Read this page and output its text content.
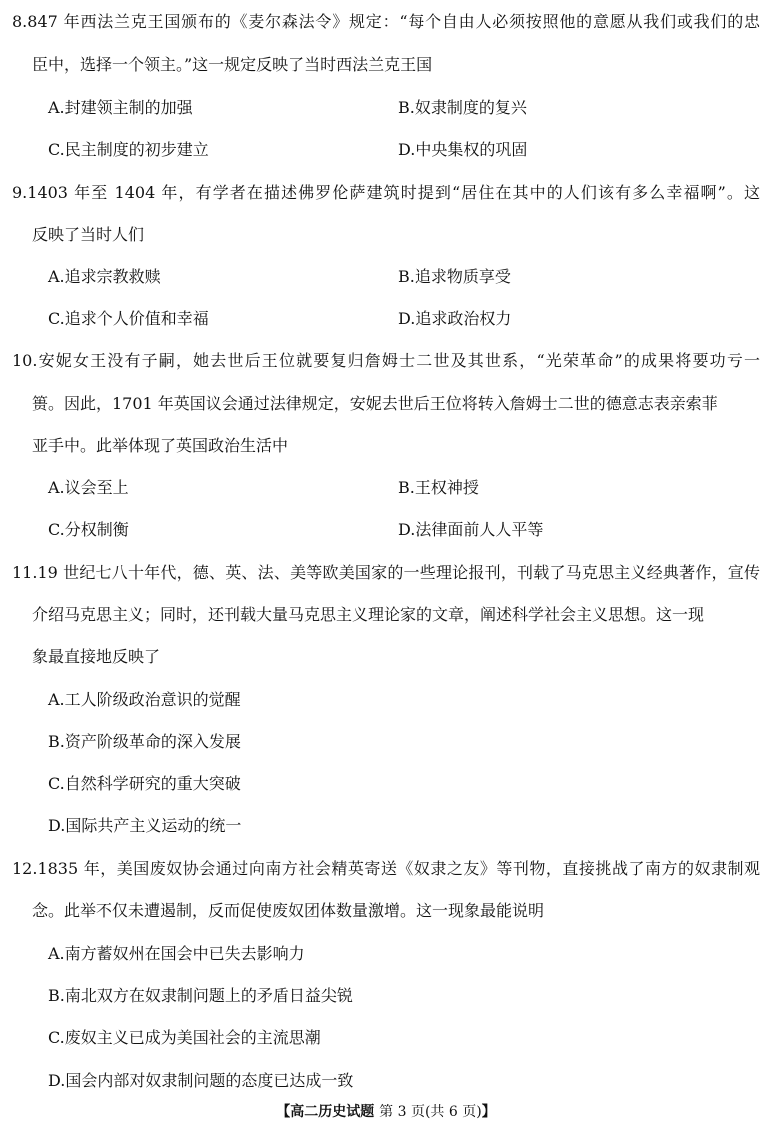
8.847 年西法兰克王国颁布的《麦尔森法令》规定：“每个自由人必须按照他的意愿从我们或我们的忠
臣中，选择一个领主。”这一规定反映了当时西法兰克王国
A.封建领主制的加强	B.奴隶制度的复兴
C.民主制度的初步建立	D.中央集权的巩固
9.1403 年至 1404 年，有学者在描述佛罗伦萨建筑时提到“居住在其中的人们该有多么幸福啊”。这
反映了当时人们
A.追求宗教救赎	B.追求物质享受
C.追求个人价值和幸福	D.追求政治权力
10.安妮女王没有子嗣，她去世后王位就要复归詹姆士二世及其世系，“光荣革命”的成果将要功亏一
篑。因此，1701 年英国议会通过法律规定，安妮去世后王位将转入詹姆士二世的德意志表亲索菲
亚手中。此举体现了英国政治生活中
A.议会至上	B.王权神授
C.分权制衡	D.法律面前人人平等
11.19 世纪七八十年代，德、英、法、美等欧美国家的一些理论报刊，刊载了马克思主义经典著作，宣传
介绍马克思主义；同时，还刊载大量马克思主义理论家的文章，阐述科学社会主义思想。这一现
象最直接地反映了
A.工人阶级政治意识的觉醒
B.资产阶级革命的深入发展
C.自然科学研究的重大突破
D.国际共产主义运动的统一
12.1835 年，美国废奴协会通过向南方社会精英寄送《奴隶之友》等刊物，直接挑战了南方的奴隶制观
念。此举不仅未遭遏制，反而促使废奴团体数量激增。这一现象最能说明
A.南方蓄奴州在国会中已失去影响力
B.南北双方在奴隶制问题上的矛盾日益尖锐
C.废奴主义已成为美国社会的主流思潮
D.国会内部对奴隶制问题的态度已达成一致
【高二历史试题 第 3 页(共 6 页)】
